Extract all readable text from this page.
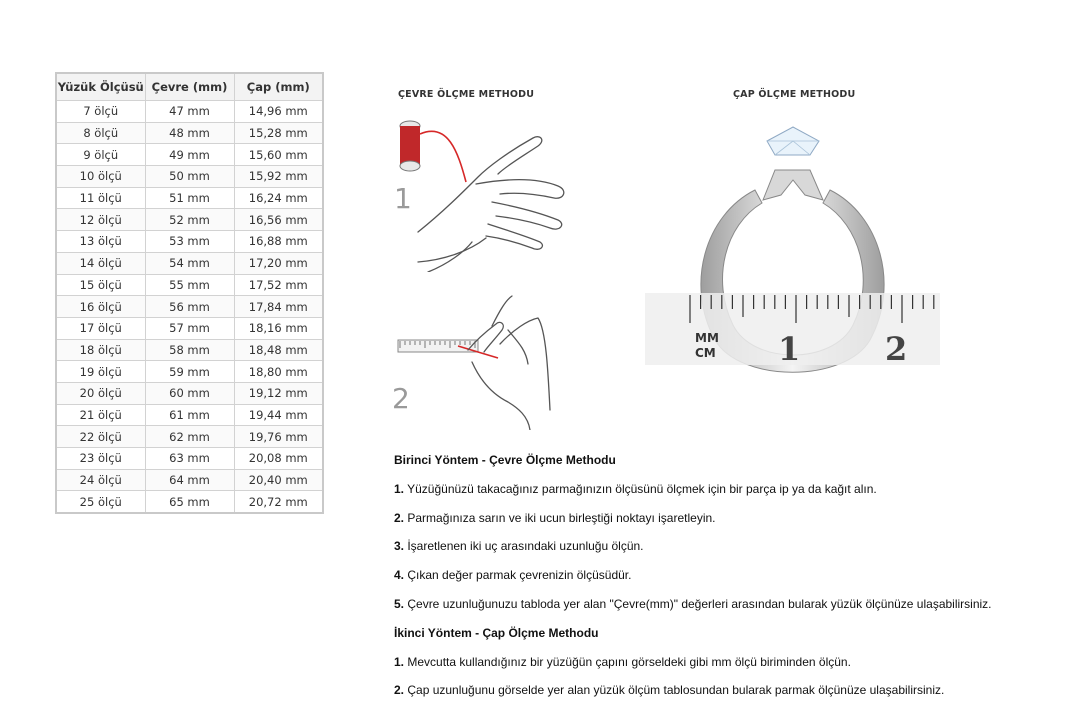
Yüzük Ölçüsü	Çevre (mm)	Çap (mm)
7 ölçü	47 mm	14,96 mm
8 ölçü	48 mm	15,28 mm
9 ölçü	49 mm	15,60 mm
10 ölçü	50 mm	15,92 mm
11 ölçü	51 mm	16,24 mm
12 ölçü	52 mm	16,56 mm
13 ölçü	53 mm	16,88 mm
14 ölçü	54 mm	17,20 mm
15 ölçü	55 mm	17,52 mm
16 ölçü	56 mm	17,84 mm
17 ölçü	57 mm	18,16 mm
18 ölçü	58 mm	18,48 mm
19 ölçü	59 mm	18,80 mm
20 ölçü	60 mm	19,12 mm
21 ölçü	61 mm	19,44 mm
22 ölçü	62 mm	19,76 mm
23 ölçü	63 mm	20,08 mm
24 ölçü	64 mm	20,40 mm
25 ölçü	65 mm	20,72 mm
ÇEVRE ÖLÇME METHODU	ÇAP ÖLÇME METHODU
1
2
MM
CM 1	2
Birinci Yöntem - Çevre Ölçme Methodu
1. Yüzüğünüzü takacağınız parmağınızın ölçüsünü ölçmek için bir parça ip ya da kağıt alın.
2. Parmağınıza sarın ve iki ucun birleştiği noktayı işaretleyin.
3. İşaretlenen iki uç arasındaki uzunluğu ölçün.
4. Çıkan değer parmak çevrenizin ölçüsüdür.
5. Çevre uzunluğunuzu tabloda yer alan "Çevre(mm)" değerleri arasından bularak yüzük ölçünüze ulaşabilirsiniz.
İkinci Yöntem - Çap Ölçme Methodu
1. Mevcutta kullandığınız bir yüzüğün çapını görseldeki gibi mm ölçü biriminden ölçün.
2. Çap uzunluğunu görselde yer alan yüzük ölçüm tablosundan bularak parmak ölçünüze ulaşabilirsiniz.
